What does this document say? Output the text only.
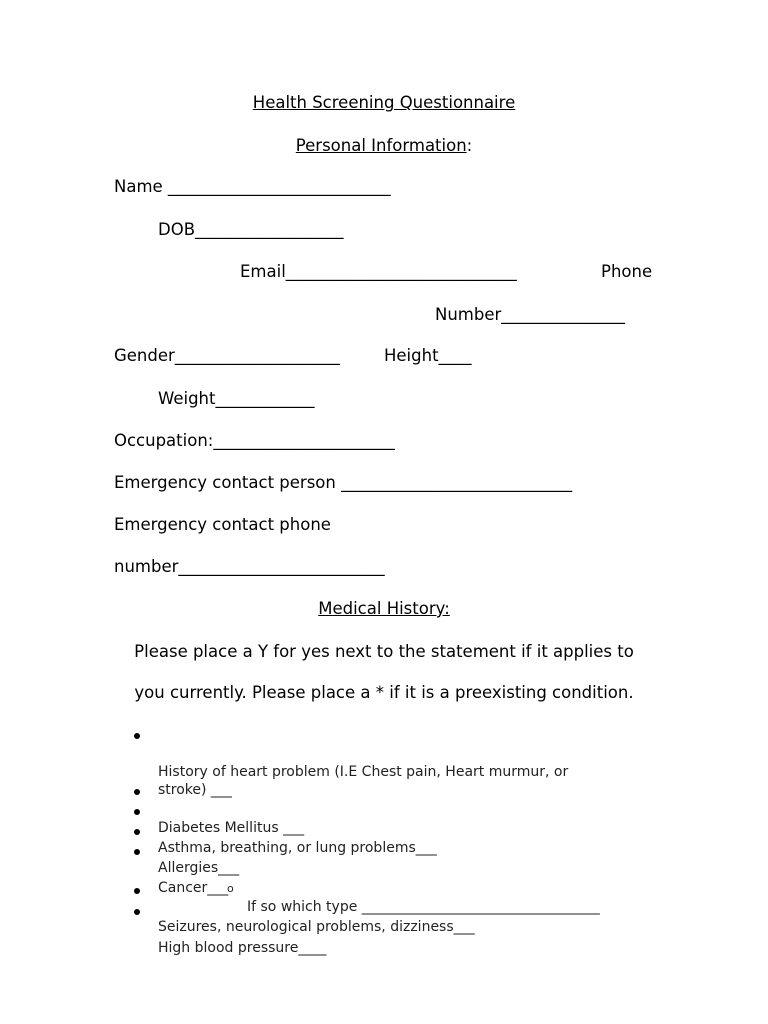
Health Screening Questionnaire
Personal Information:
Name ___________________________
DOB__________________
Email____________________________	Phone
Number_______________
Gender____________________	Height____
Weight____________
Occupation:______________________
Emergency contact person ____________________________
Emergency contact phone
number_________________________
Medical History:
Please place a Y for yes next to the statement if it applies to
you currently. Please place a * if it is a preexisting condition.

History of heart problem (I.E Chest pain, Heart murmur, or

stroke) ___

Diabetes Mellitus ___

Asthma, breathing, or lung problems___

Allergies___

Cancer___

o

If so which type __________________________________

Seizures, neurological problems, dizziness___

High blood pressure____
